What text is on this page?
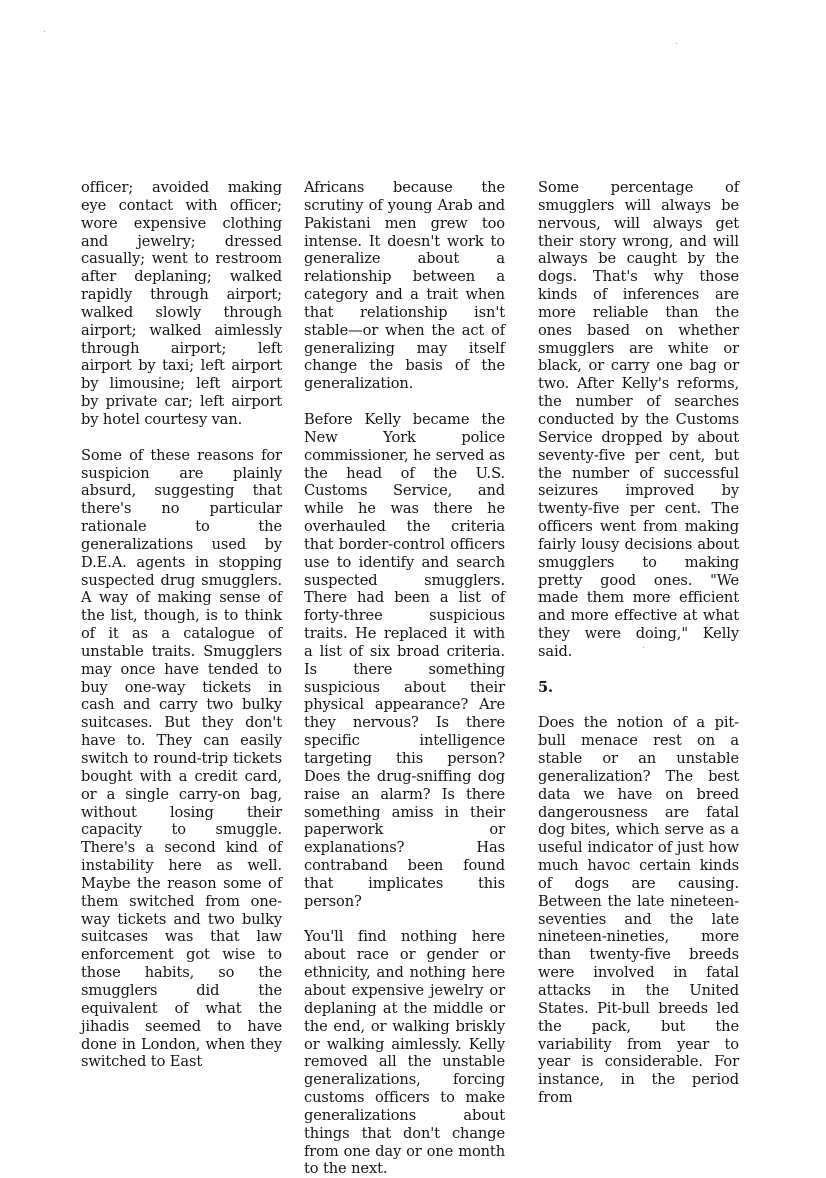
officer; avoided making eye contact with officer; wore expensive clothing and jewelry; dressed casually; went to restroom after deplaning; walked rapidly through airport; walked slowly through airport; walked aimlessly through airport; left airport by taxi; left airport by limousine; left airport by private car; left airport by hotel courtesy van.

Some of these reasons for suspicion are plainly absurd, suggesting that there's no particular rationale to the generalizations used by D.E.A. agents in stopping suspected drug smugglers. A way of making sense of the list, though, is to think of it as a catalogue of unstable traits. Smugglers may once have tended to buy one-way tickets in cash and carry two bulky suitcases. But they don't have to. They can easily switch to round-trip tickets bought with a credit card, or a single carry-on bag, without losing their capacity to smuggle. There's a second kind of instability here as well. Maybe the reason some of them switched from one-way tickets and two bulky suitcases was that law enforcement got wise to those habits, so the smugglers did the equivalent of what the jihadis seemed to have done in London, when they switched to East

Africans because the scrutiny of young Arab and Pakistani men grew too intense. It doesn't work to generalize about a relationship between a category and a trait when that relationship isn't stable—or when the act of generalizing may itself change the basis of the generalization.

Before Kelly became the New York police commissioner, he served as the head of the U.S. Customs Service, and while he was there he overhauled the criteria that border-control officers use to identify and search suspected smugglers. There had been a list of forty-three suspicious traits. He replaced it with a list of six broad criteria. Is there something suspicious about their physical appearance? Are they nervous? Is there specific intelligence targeting this person? Does the drug-sniffing dog raise an alarm? Is there something amiss in their paperwork or explanations? Has contraband been found that implicates this person?

You'll find nothing here about race or gender or ethnicity, and nothing here about expensive jewelry or deplaning at the middle or the end, or walking briskly or walking aimlessly. Kelly removed all the unstable generalizations, forcing customs officers to make generalizations about things that don't change from one day or one month to the next.

Some percentage of smugglers will always be nervous, will always get their story wrong, and will always be caught by the dogs. That's why those kinds of inferences are more reliable than the ones based on whether smugglers are white or black, or carry one bag or two. After Kelly's reforms, the number of searches conducted by the Customs Service dropped by about seventy-five per cent, but the number of successful seizures improved by twenty-five per cent. The officers went from making fairly lousy decisions about smugglers to making pretty good ones. "We made them more efficient and more effective at what they were doing," Kelly said.

5.

Does the notion of a pit-bull menace rest on a stable or an unstable generalization? The best data we have on breed dangerousness are fatal dog bites, which serve as a useful indicator of just how much havoc certain kinds of dogs are causing. Between the late nineteen-seventies and the late nineteen-nineties, more than twenty-five breeds were involved in fatal attacks in the United States. Pit-bull breeds led the pack, but the variability from year to year is considerable. For instance, in the period from
